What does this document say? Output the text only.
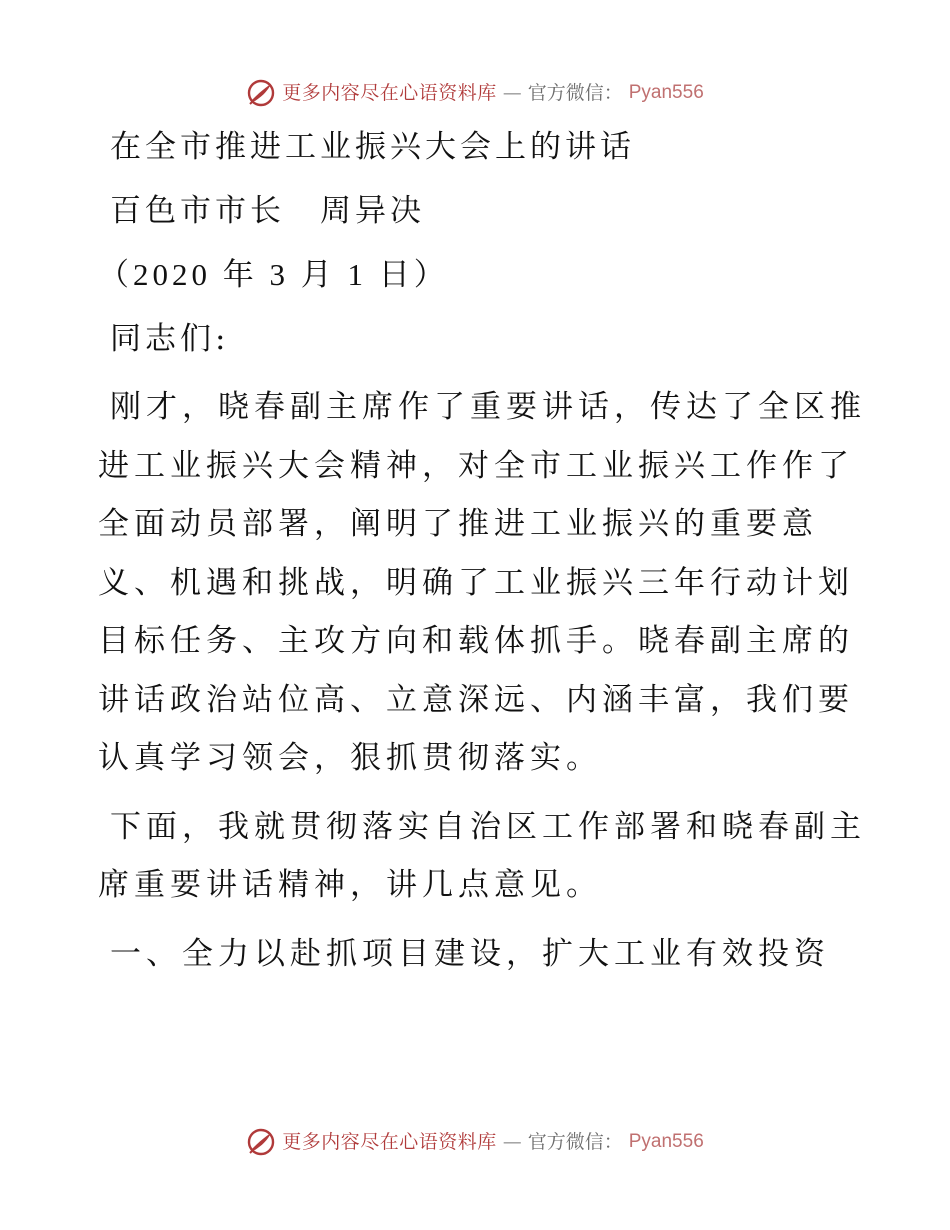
更多内容尽在心语资料库 — 官方微信： Pyan556

在全市推进工业振兴大会上的讲话

百色市市长　周异决

（2020 年 3 月 1 日）

同志们:

刚才，晓春副主席作了重要讲话，传达了全区推进工业振兴大会精神，对全市工业振兴工作作了全面动员部署，阐明了推进工业振兴的重要意义、机遇和挑战，明确了工业振兴三年行动计划目标任务、主攻方向和载体抓手。晓春副主席的讲话政治站位高、立意深远、内涵丰富，我们要认真学习领会，狠抓贯彻落实。

下面，我就贯彻落实自治区工作部署和晓春副主席重要讲话精神，讲几点意见。

一、全力以赴抓项目建设，扩大工业有效投资

更多内容尽在心语资料库 — 官方微信： Pyan556
